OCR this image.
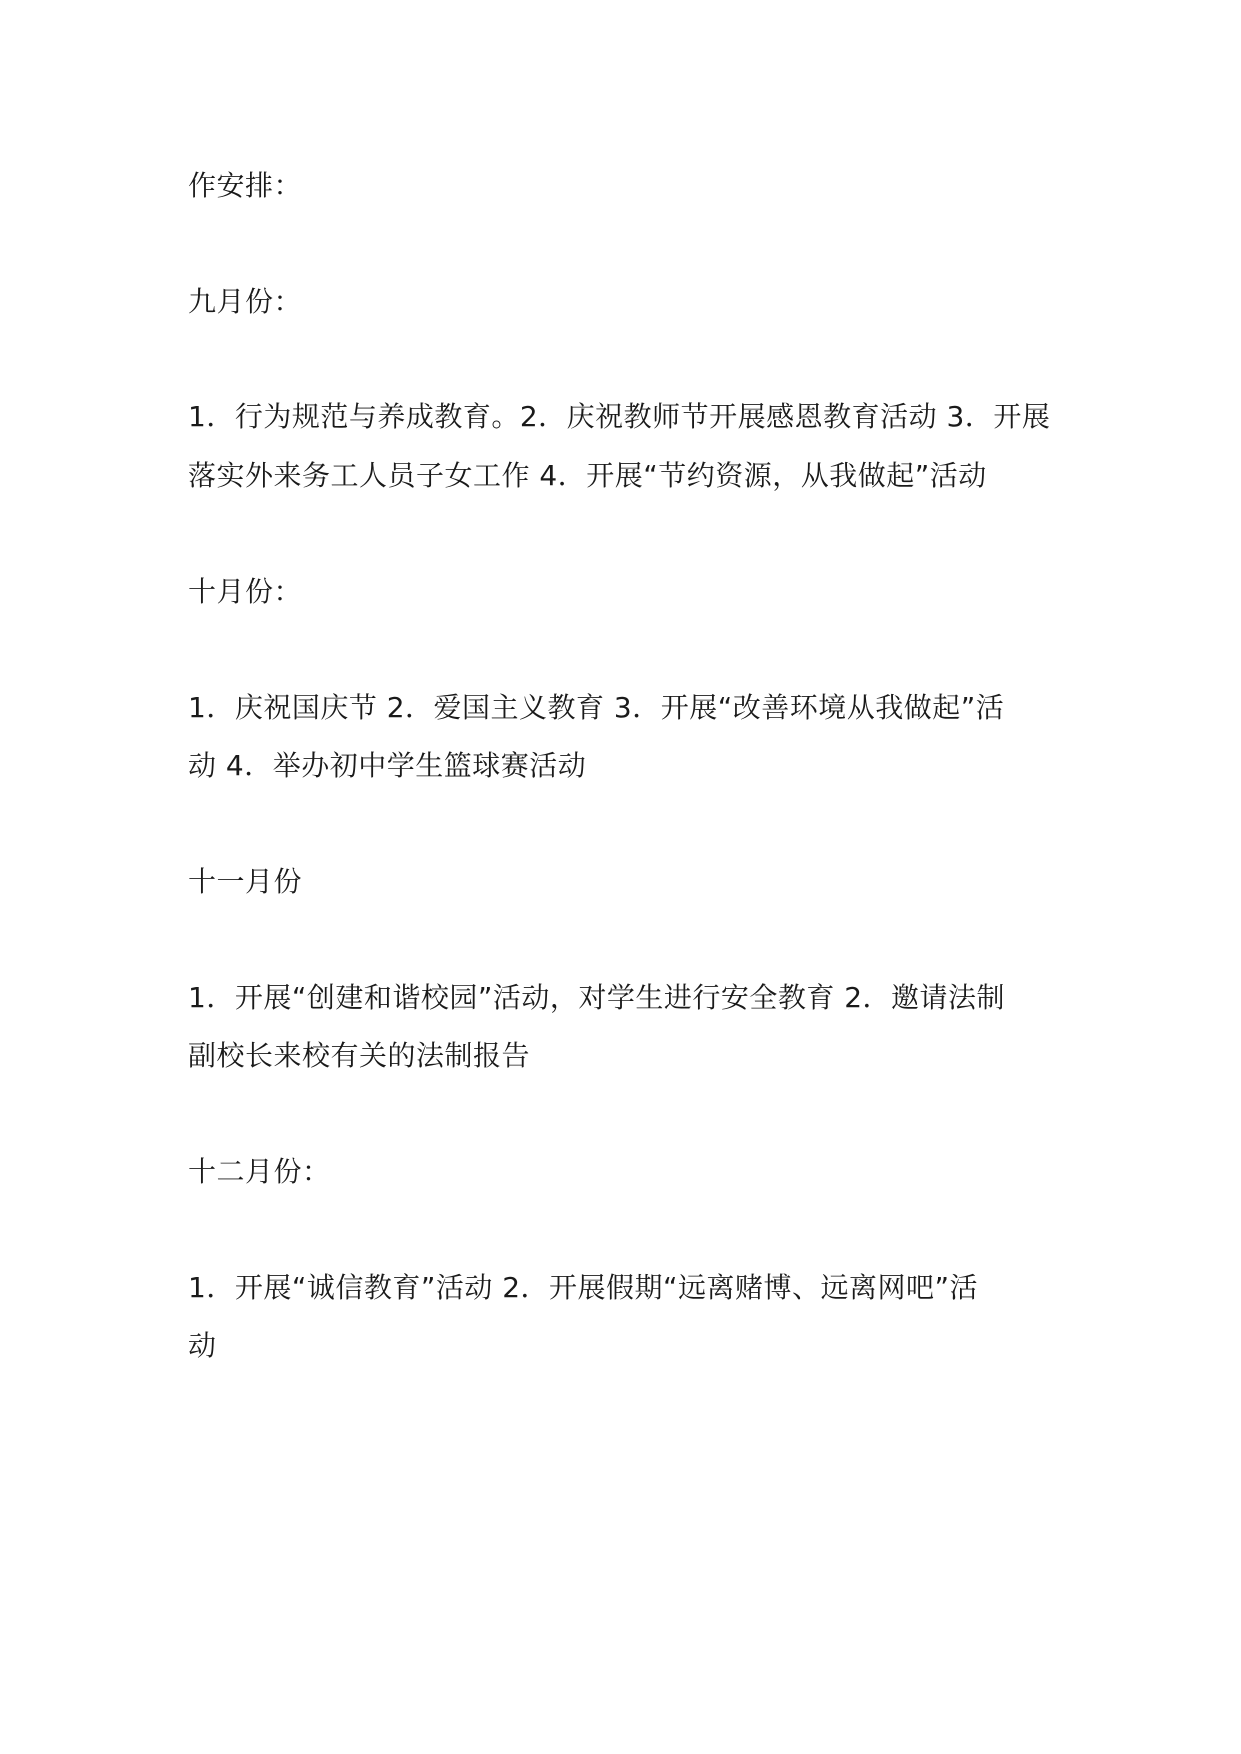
作安排：
九月份：
1．行为规范与养成教育。2．庆祝教师节开展感恩教育活动 3．开展
落实外来务工人员子女工作 4．开展“节约资源，从我做起”活动
十月份：
1．庆祝国庆节 2．爱国主义教育 3．开展“改善环境从我做起”活
动 4．举办初中学生篮球赛活动
十一月份
1．开展“创建和谐校园”活动，对学生进行安全教育 2．邀请法制
副校长来校有关的法制报告
十二月份：
1．开展“诚信教育”活动 2．开展假期“远离赌博、远离网吧”活
动
